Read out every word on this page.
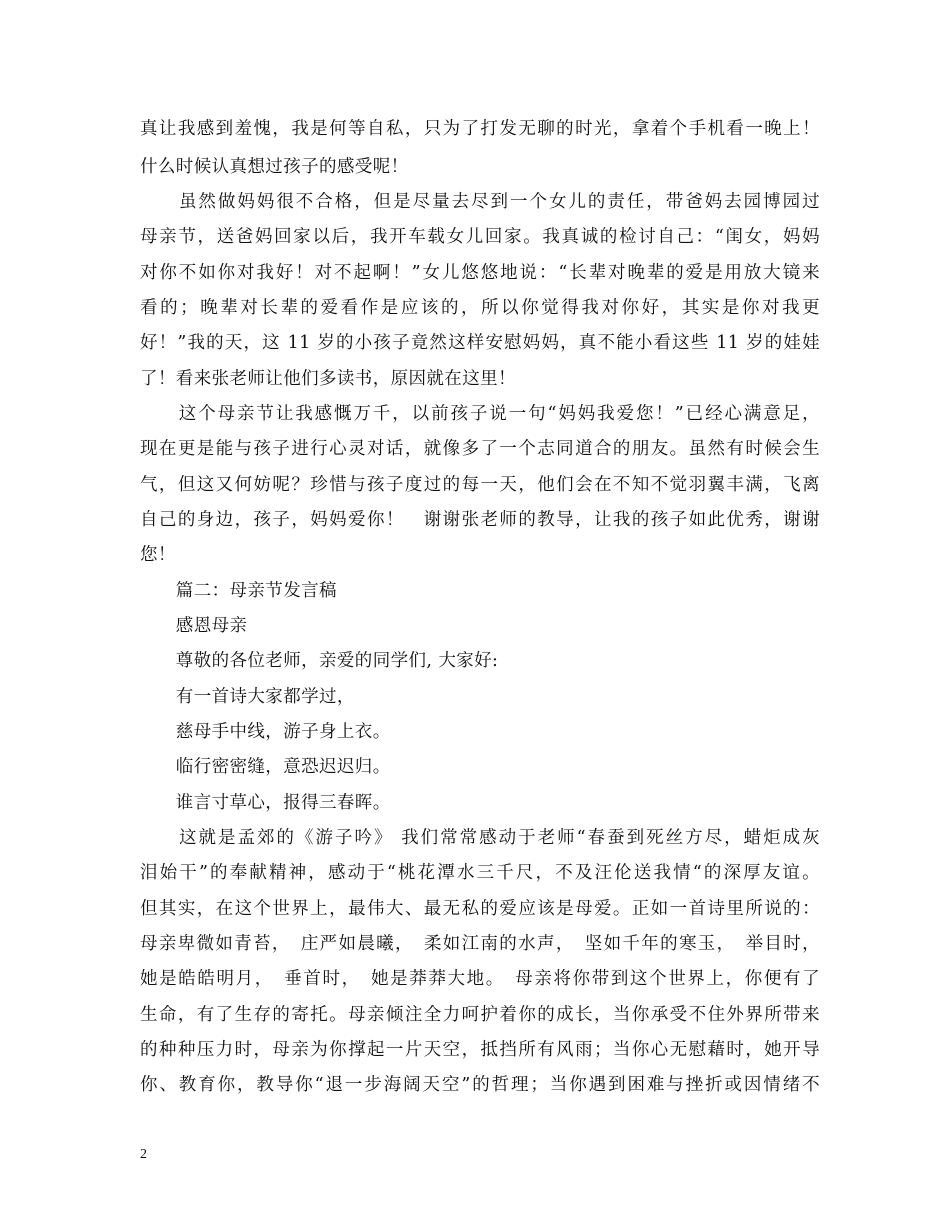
真让我感到羞愧，我是何等自私，只为了打发无聊的时光，拿着个手机看一晚上！
什么时候认真想过孩子的感受呢！
　　虽然做妈妈很不合格，但是尽量去尽到一个女儿的责任，带爸妈去园博园过
母亲节，送爸妈回家以后，我开车载女儿回家。我真诚的检讨自己：“闺女，妈妈
对你不如你对我好！对不起啊！”女儿悠悠地说：“长辈对晚辈的爱是用放大镜来
看的；晚辈对长辈的爱看作是应该的，所以你觉得我对你好，其实是你对我更
好！”我的天，这 11 岁的小孩子竟然这样安慰妈妈，真不能小看这些 11 岁的娃娃
了！看来张老师让他们多读书，原因就在这里！
　　这个母亲节让我感慨万千，以前孩子说一句“妈妈我爱您！”已经心满意足，
现在更是能与孩子进行心灵对话，就像多了一个志同道合的朋友。虽然有时候会生
气，但这又何妨呢？珍惜与孩子度过的每一天，他们会在不知不觉羽翼丰满，飞离
自己的身边，孩子，妈妈爱你！　谢谢张老师的教导，让我的孩子如此优秀，谢谢
您！
　　篇二：母亲节发言稿
　　感恩母亲
　　尊敬的各位老师，亲爱的同学们, 大家好:
　　有一首诗大家都学过，
　　慈母手中线，游子身上衣。
　　临行密密缝，意恐迟迟归。
　　谁言寸草心，报得三春晖。
　　这就是孟郊的《游子吟》 我们常常感动于老师“春蚕到死丝方尽，蜡炬成灰
泪始干”的奉献精神，感动于“桃花潭水三千尺，不及汪伦送我情“的深厚友谊。
但其实，在这个世界上，最伟大、最无私的爱应该是母爱。正如一首诗里所说的：
母亲卑微如青苔，　庄严如晨曦，　柔如江南的水声，　坚如千年的寒玉，　举目时，
她是皓皓明月，　垂首时，　她是莽莽大地。　母亲将你带到这个世界上，你便有了
生命，有了生存的寄托。母亲倾注全力呵护着你的成长，当你承受不住外界所带来
的种种压力时，母亲为你撑起一片天空，抵挡所有风雨；当你心无慰藉时，她开导
你、教育你，教导你“退一步海阔天空”的哲理；当你遇到困难与挫折或因情绪不
2
